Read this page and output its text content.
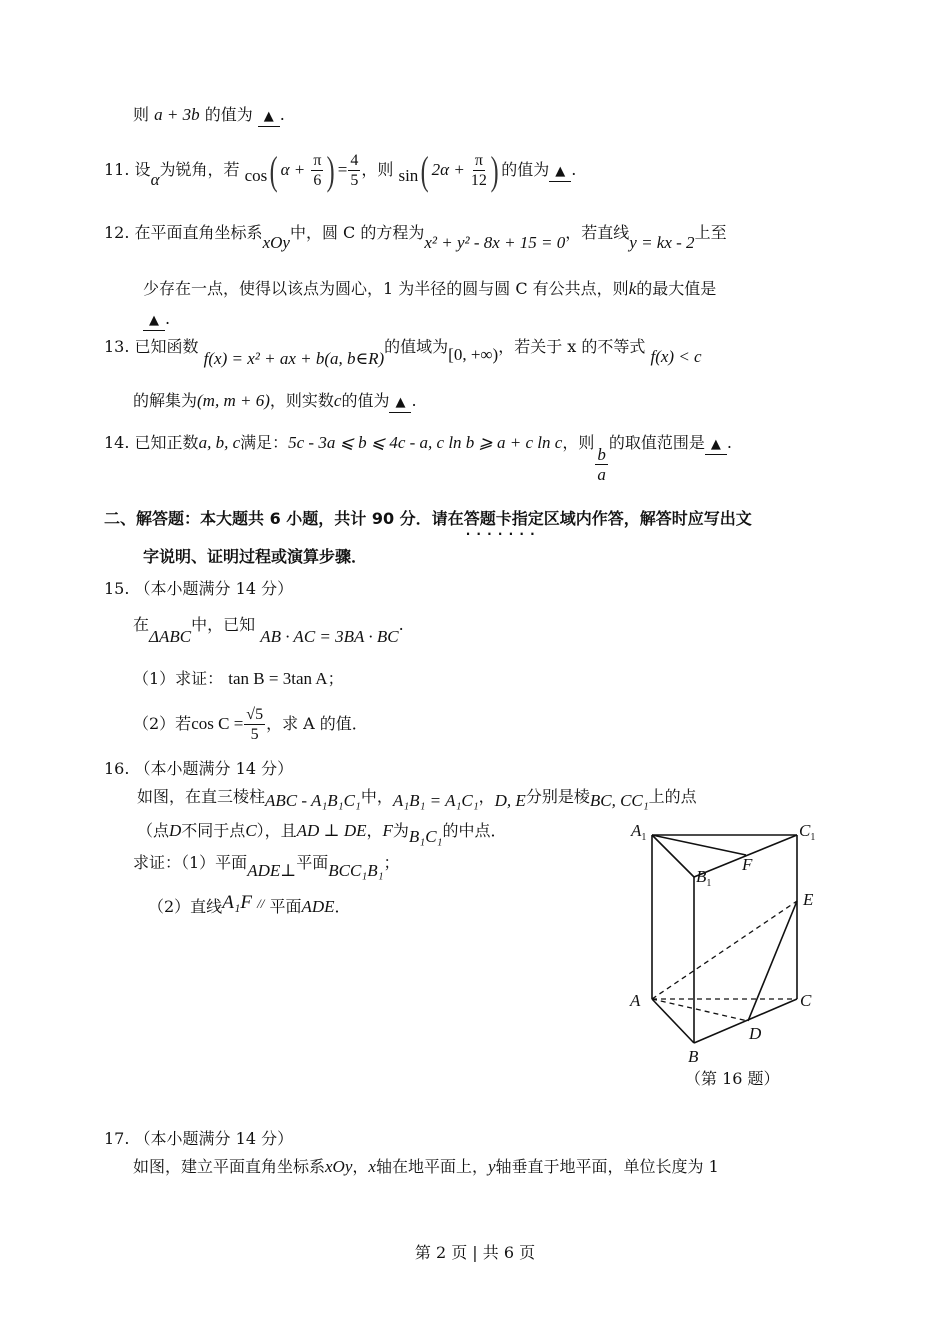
则 a + 3b 的值为 ▲ .
11. 设α为锐角，若 cos( $\alpha + \frac{\pi}{6}$ ) = $\frac{4}{5}$ ，则 sin( $2\alpha + \frac{\pi}{12}$ ) 的值为 ▲ .
12. 在平面直角坐标系xOy中，圆 C 的方程为x² + y² - 8x + 15 = 0，若直线y = kx - 2上至
少存在一点，使得以该点为圆心，1 为半径的圆与圆 C 有公共点，则k的最大值是
▲ .
13. 已知函数 f(x) = x² + ax + b(a, b∈R)的值域为[0, +∞)，若关于 x 的不等式 f(x) < c
的解集为(m, m + 6)，则实数c的值为 ▲ .
14. 已知正数a, b, c满足：5c - 3a ⩽ b ⩽ 4c - a, c ln b ⩾ a + c ln c，则
$\frac{b}{a}$
的取值范围是 ▲ .
二、解答题：本大题共 6 小题，共计 90 分．请在答题卡指定区域 · · 内作答，解答时应写出文
字说明、证明过程或演算步骤．
15. （本小题满分 14 分）
在ΔABC中，已知 AB · AC = 3BA · BC.
（1）求证： tan B = 3tan A；
（2）若$\cos C = \frac{√5}{5}$ ，求 A 的值．
16. （本小题满分 14 分）
如图，在直三棱柱ABC - A₁B₁C₁中，A₁B₁ = A₁C₁，D, E分别是棱BC, CC₁上的点
（点D不同于点C），且AD ⊥ DE，F为B₁C₁的中点．
求证：（1）平面ADE⊥平面BCC₁B₁；
（2）直线A₁F // 平面ADE．
$A_1$	$C_1$
$B_1$
F
E
A	C
D
B
（第 16 题）
17. （本小题满分 14 分）
如图，建立平面直角坐标系xOy，x轴在地平面上，y轴垂直于地平面，单位长度为 1
第 2 页 | 共 6 页
